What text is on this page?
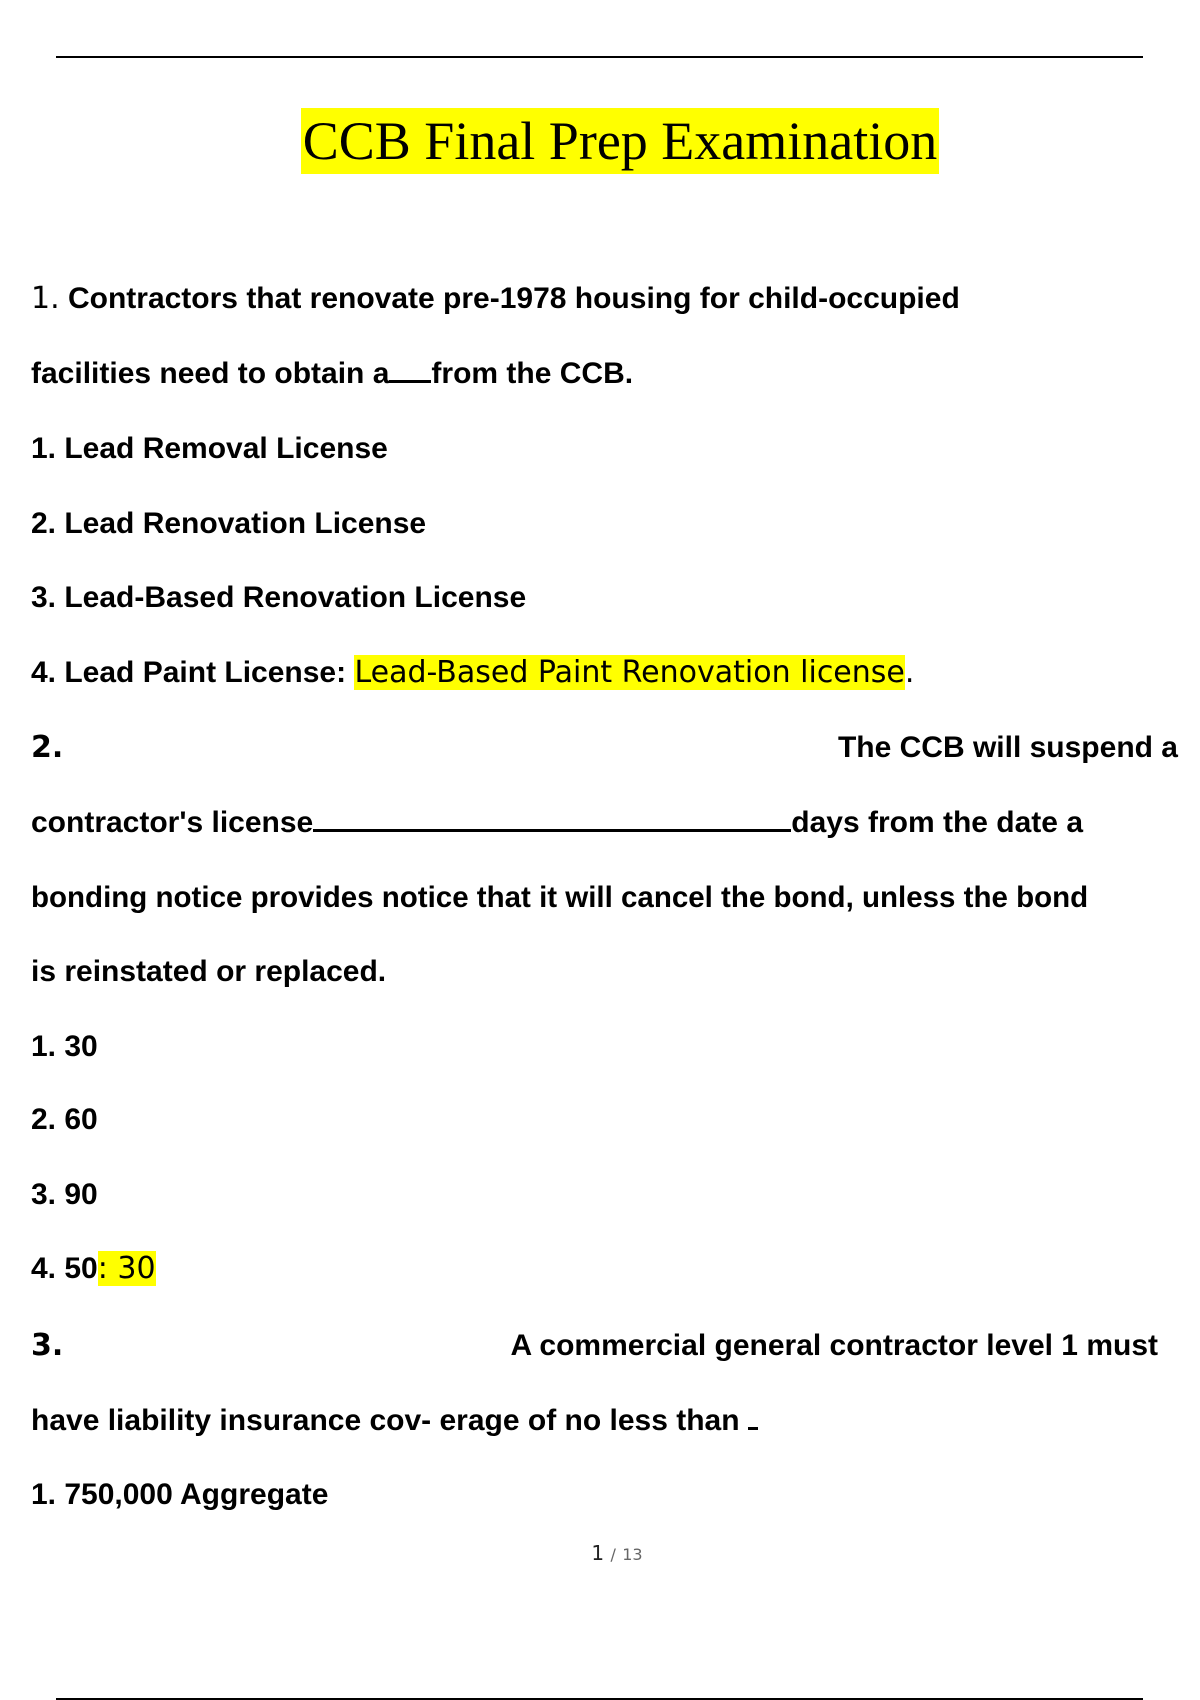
CCB Final Prep Examination
1. Contractors that renovate pre-1978 housing for child-occupied
facilities need to obtain a from the CCB.
1. Lead Removal License
2. Lead Renovation License
3. Lead-Based Renovation License
4. Lead Paint License: Lead-Based Paint Renovation license.
2.	The CCB will suspend a
contractor's license	days from the date a
bonding notice provides notice that it will cancel the bond, unless the bond
is reinstated or replaced.
1. 30
2. 60
3. 90
4. 50: 30
3.	A commercial general contractor level 1 must
have liability insurance cov- erage of no less than
1. 750,000 Aggregate
1 / 13
